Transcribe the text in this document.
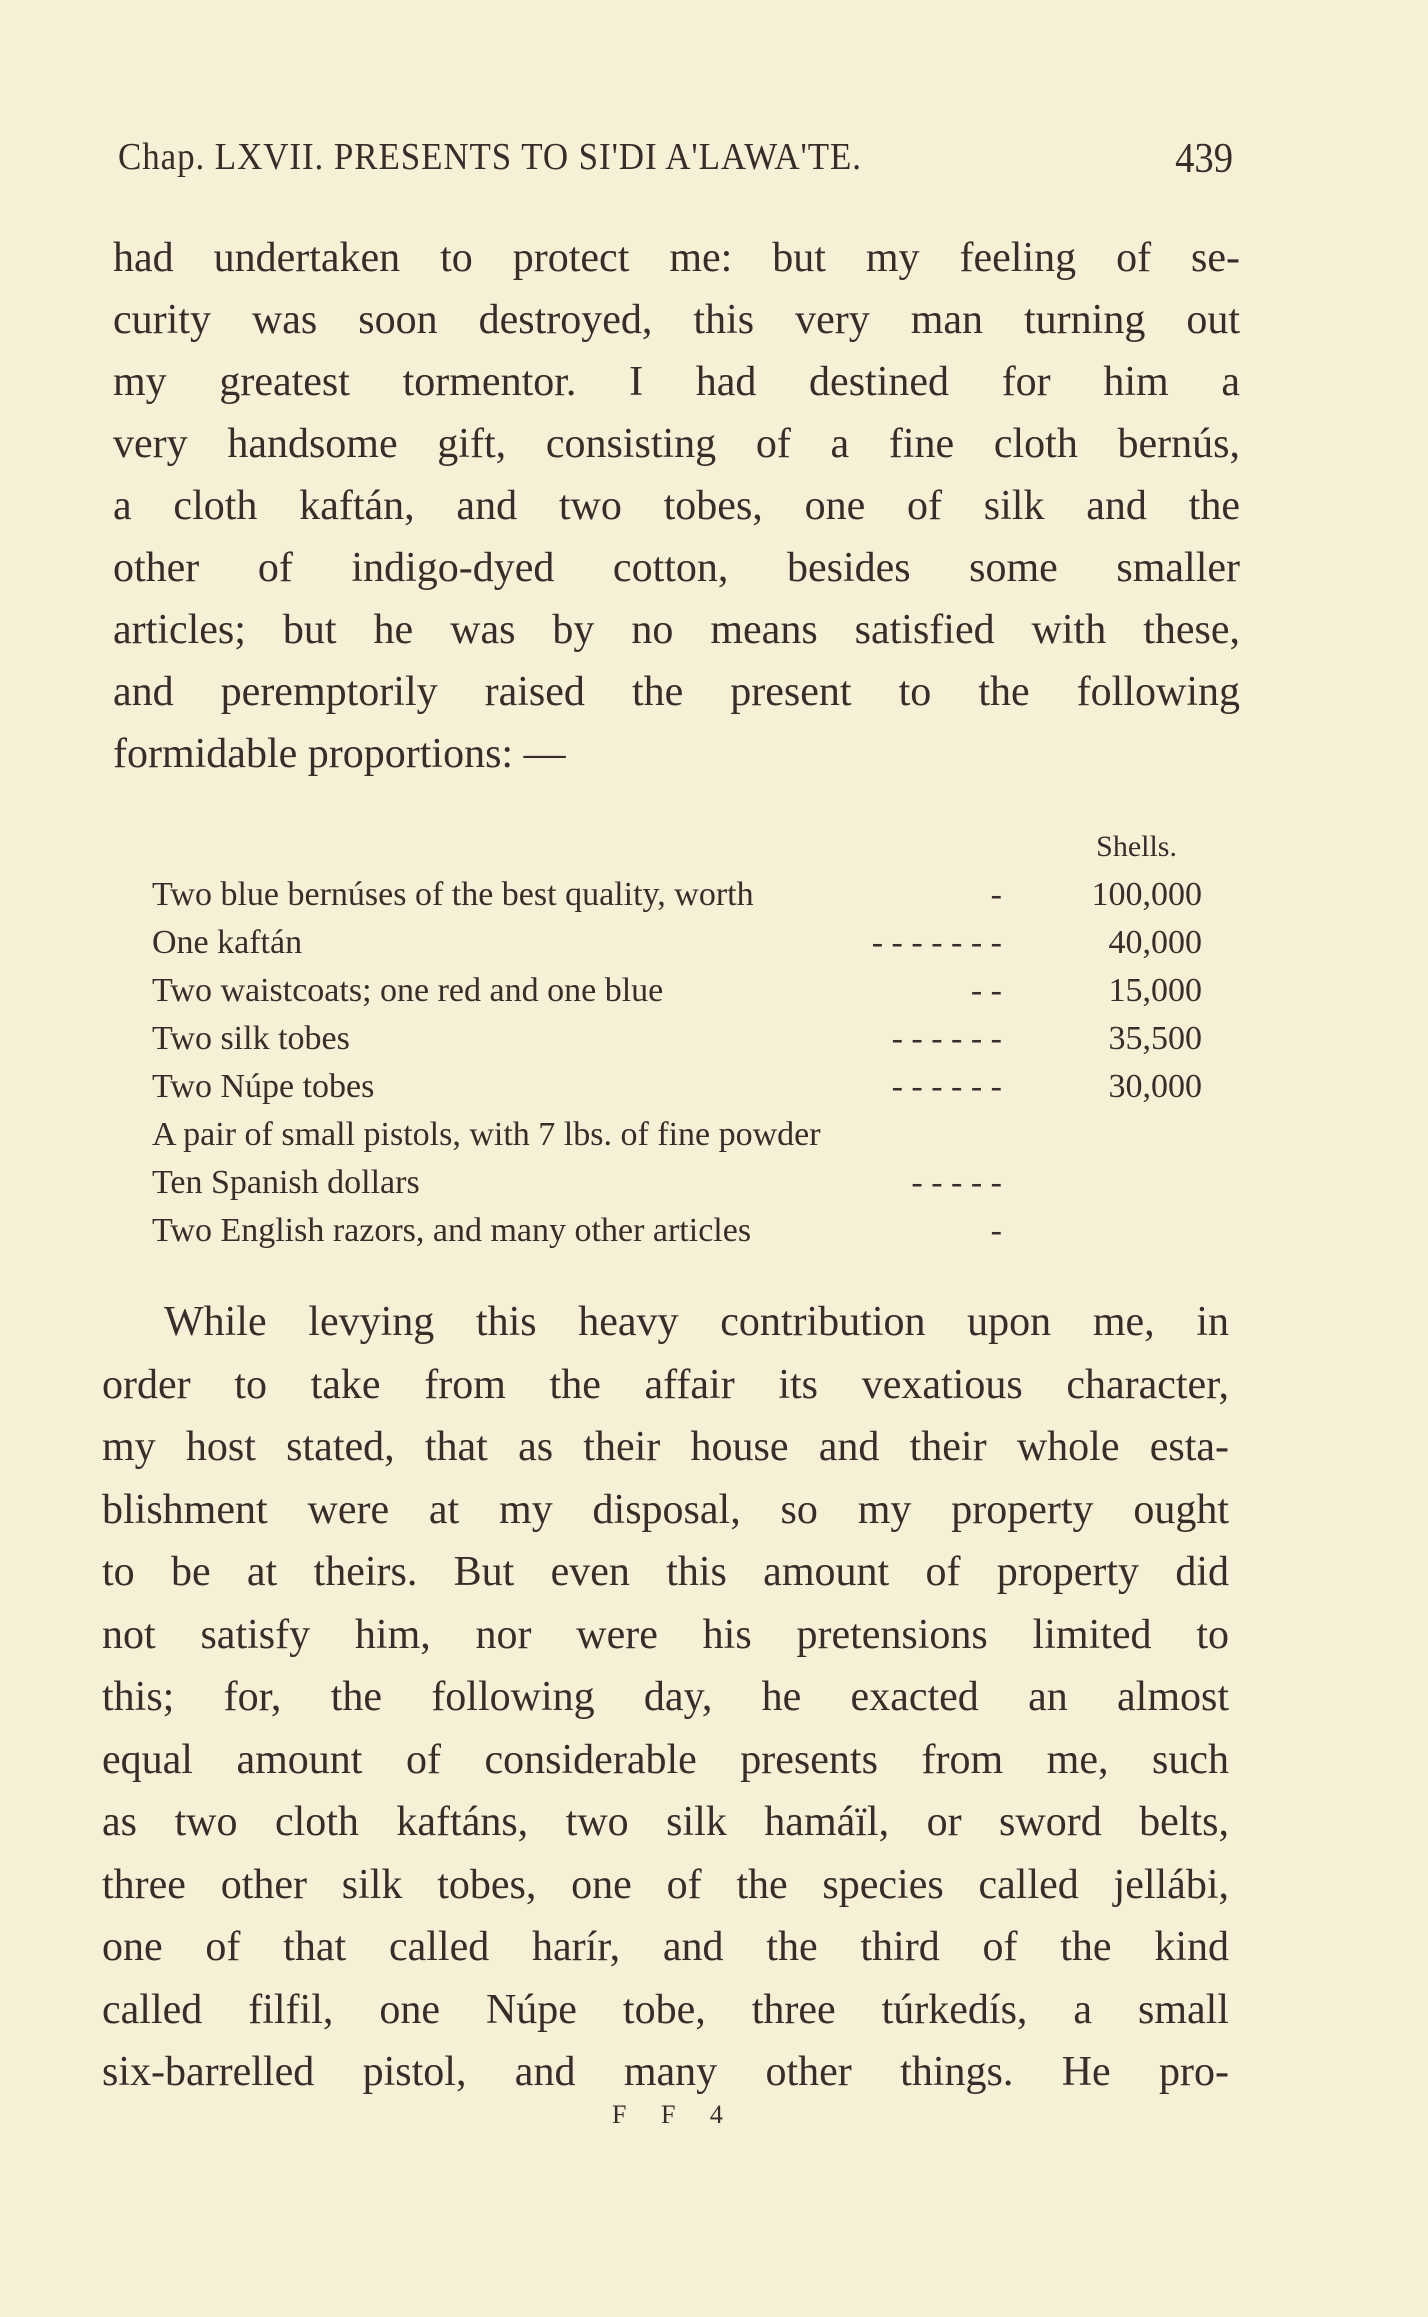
Chap. LXVII. PRESENTS TO SI'DI A'LAWA'TE.	439
had undertaken to protect me: but my feeling of se-
curity was soon destroyed, this very man turning out
my greatest tormentor. I had destined for him a
very handsome gift, consisting of a fine cloth bernús,
a cloth kaftán, and two tobes, one of silk and the
other of indigo-dyed cotton, besides some smaller
articles; but he was by no means satisfied with these,
and peremptorily raised the present to the following
formidable proportions: —
Shells.
Two blue bernúses of the best quality, worth	-	100,000
One kaftán	- - - - - - -	40,000
Two waistcoats; one red and one blue	- -	15,000
Two silk tobes	- - - - - -	35,500
Two Núpe tobes	- - - - - -	30,000
A pair of small pistols, with 7 lbs. of fine powder
Ten Spanish dollars	- - - - -
Two English razors, and many other articles	-
While levying this heavy contribution upon me, in
order to take from the affair its vexatious character,
my host stated, that as their house and their whole esta-
blishment were at my disposal, so my property ought
to be at theirs. But even this amount of property did
not satisfy him, nor were his pretensions limited to
this; for, the following day, he exacted an almost
equal amount of considerable presents from me, such
as two cloth kaftáns, two silk hamáïl, or sword belts,
three other silk tobes, one of the species called jellábi,
one of that called harír, and the third of the kind
called filfil, one Núpe tobe, three túrkedís, a small
six-barrelled pistol, and many other things. He pro-
F F 4
